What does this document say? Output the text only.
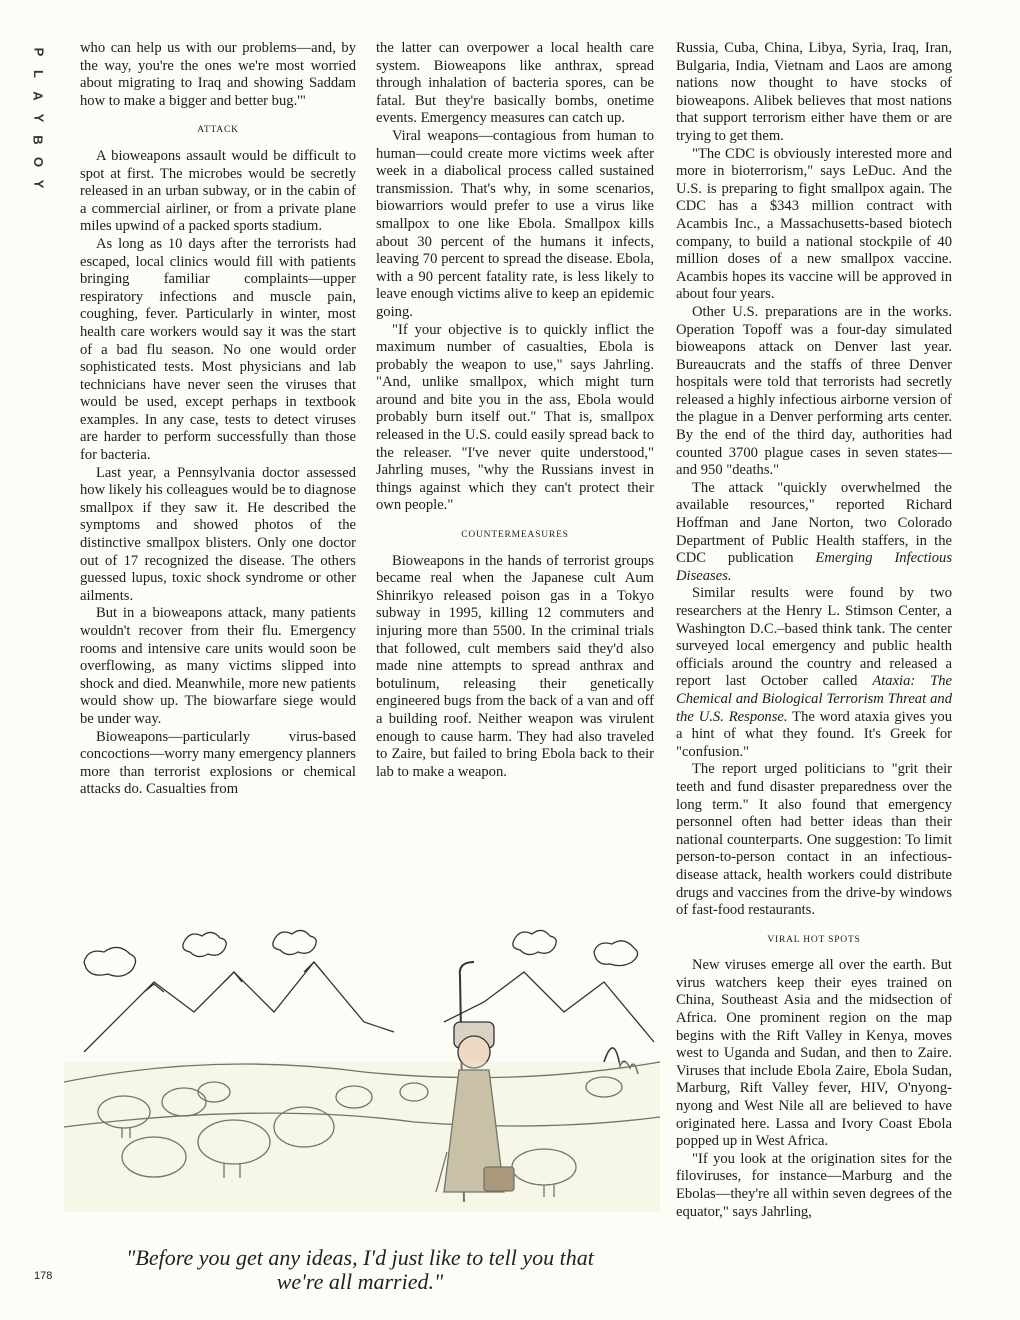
P
L
A
Y
B
O
Y

who can help us with our problems—and, by the way, you're the ones we're most worried about migrating to Iraq and showing Saddam how to make a bigger and better bug.'"

ATTACK

A bioweapons assault would be difficult to spot at first. The microbes would be secretly released in an urban subway, or in the cabin of a commercial airliner, or from a private plane miles upwind of a packed sports stadium.

As long as 10 days after the terrorists had escaped, local clinics would fill with patients bringing familiar complaints—upper respiratory infections and muscle pain, coughing, fever. Particularly in winter, most health care workers would say it was the start of a bad flu season. No one would order sophisticated tests. Most physicians and lab technicians have never seen the viruses that would be used, except perhaps in textbook examples. In any case, tests to detect viruses are harder to perform successfully than those for bacteria.

Last year, a Pennsylvania doctor assessed how likely his colleagues would be to diagnose smallpox if they saw it. He described the symptoms and showed photos of the distinctive smallpox blisters. Only one doctor out of 17 recognized the disease. The others guessed lupus, toxic shock syndrome or other ailments.

But in a bioweapons attack, many patients wouldn't recover from their flu. Emergency rooms and intensive care units would soon be overflowing, as many victims slipped into shock and died. Meanwhile, more new patients would show up. The biowarfare siege would be under way.

Bioweapons—particularly virus-based concoctions—worry many emergency planners more than terrorist explosions or chemical attacks do. Casualties from

the latter can overpower a local health care system. Bioweapons like anthrax, spread through inhalation of bacteria spores, can be fatal. But they're basically bombs, onetime events. Emergency measures can catch up.

Viral weapons—contagious from human to human—could create more victims week after week in a diabolical process called sustained transmission. That's why, in some scenarios, biowarriors would prefer to use a virus like smallpox to one like Ebola. Smallpox kills about 30 percent of the humans it infects, leaving 70 percent to spread the disease. Ebola, with a 90 percent fatality rate, is less likely to leave enough victims alive to keep an epidemic going.

"If your objective is to quickly inflict the maximum number of casualties, Ebola is probably the weapon to use," says Jahrling. "And, unlike smallpox, which might turn around and bite you in the ass, Ebola would probably burn itself out." That is, smallpox released in the U.S. could easily spread back to the releaser. "I've never quite understood," Jahrling muses, "why the Russians invest in things against which they can't protect their own people."

COUNTERMEASURES

Bioweapons in the hands of terrorist groups became real when the Japanese cult Aum Shinrikyo released poison gas in a Tokyo subway in 1995, killing 12 commuters and injuring more than 5500. In the criminal trials that followed, cult members said they'd also made nine attempts to spread anthrax and botulinum, releasing their genetically engineered bugs from the back of a van and off a building roof. Neither weapon was virulent enough to cause harm. They had also traveled to Zaire, but failed to bring Ebola back to their lab to make a weapon.

Russia, Cuba, China, Libya, Syria, Iraq, Iran, Bulgaria, India, Vietnam and Laos are among nations now thought to have stocks of bioweapons. Alibek believes that most nations that support terrorism either have them or are trying to get them.

"The CDC is obviously interested more and more in bioterrorism," says LeDuc. And the U.S. is preparing to fight smallpox again. The CDC has a $343 million contract with Acambis Inc., a Massachusetts-based biotech company, to build a national stockpile of 40 million doses of a new smallpox vaccine. Acambis hopes its vaccine will be approved in about four years.

Other U.S. preparations are in the works. Operation Topoff was a four-day simulated bioweapons attack on Denver last year. Bureaucrats and the staffs of three Denver hospitals were told that terrorists had secretly released a highly infectious airborne version of the plague in a Denver performing arts center. By the end of the third day, authorities had counted 3700 plague cases in seven states—and 950 "deaths."

The attack "quickly overwhelmed the available resources," reported Richard Hoffman and Jane Norton, two Colorado Department of Public Health staffers, in the CDC publication Emerging Infectious Diseases.

Similar results were found by two researchers at the Henry L. Stimson Center, a Washington D.C.–based think tank. The center surveyed local emergency and public health officials around the country and released a report last October called Ataxia: The Chemical and Biological Terrorism Threat and the U.S. Response. The word ataxia gives you a hint of what they found. It's Greek for "confusion."

The report urged politicians to "grit their teeth and fund disaster preparedness over the long term." It also found that emergency personnel often had better ideas than their national counterparts. One suggestion: To limit person-to-person contact in an infectious-disease attack, health workers could distribute drugs and vaccines from the drive-by windows of fast-food restaurants.

VIRAL HOT SPOTS

New viruses emerge all over the earth. But virus watchers keep their eyes trained on China, Southeast Asia and the midsection of Africa. One prominent region on the map begins with the Rift Valley in Kenya, moves west to Uganda and Sudan, and then to Zaire. Viruses that include Ebola Zaire, Ebola Sudan, Marburg, Rift Valley fever, HIV, O'nyong-nyong and West Nile all are believed to have originated here. Lassa and Ivory Coast Ebola popped up in West Africa.

"If you look at the origination sites for the filoviruses, for instance—Marburg and the Ebolas—they're all within seven degrees of the equator," says Jahrling,

"Before you get any ideas, I'd just like to tell you that we're all married."
178
